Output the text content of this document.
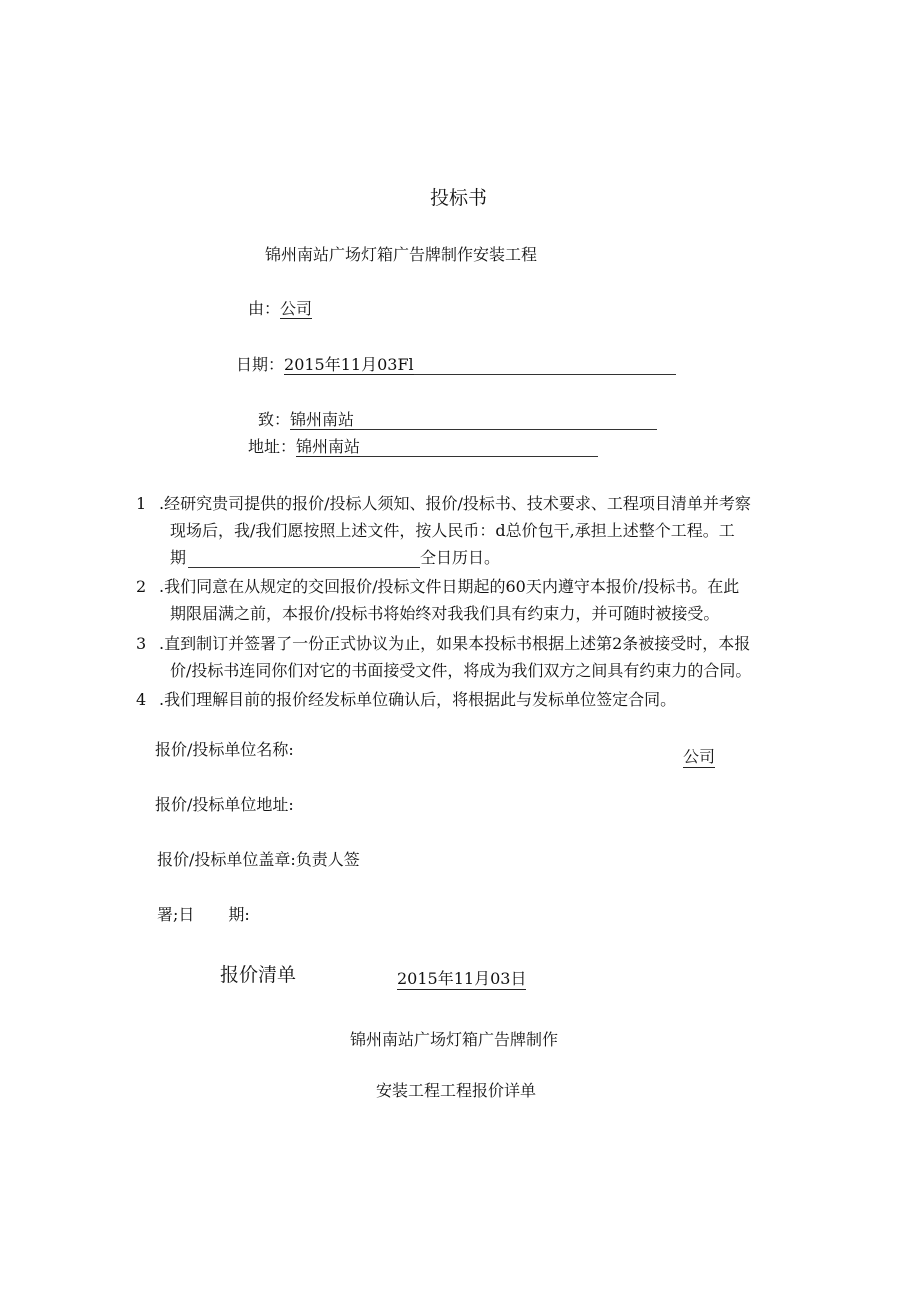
投标书
锦州南站广场灯箱广告牌制作安装工程
由：公司
日期：2015年11月03Fl
致：锦州南站
地址：锦州南站
1 .经研究贵司提供的报价/投标人须知、报价/投标书、技术要求、工程项目清单并考察
现场后，我/我们愿按照上述文件，按人民币：d总价包干,承担上述整个工程。工
期	仝日历日。
2 .我们同意在从规定的交回报价/投标文件日期起的60天内遵守本报价/投标书。在此
期限届满之前，本报价/投标书将始终对我我们具有约束力，并可随时被接受。
3 .直到制订并签署了一份正式协议为止，如果本投标书根据上述第2条被接受时，本报
价/投标书连同你们对它的书面接受文件，将成为我们双方之间具有约束力的合同。
4 .我们理解目前的报价经发标单位确认后，将根据此与发标单位签定合同。
报价/投标单位名称:	公司
报价/投标单位地址:
报价/投标单位盖章:负责人签
署;日 期:
报价清单	2015年11月03日
锦州南站广场灯箱广告牌制作
安装工程工程报价详单
